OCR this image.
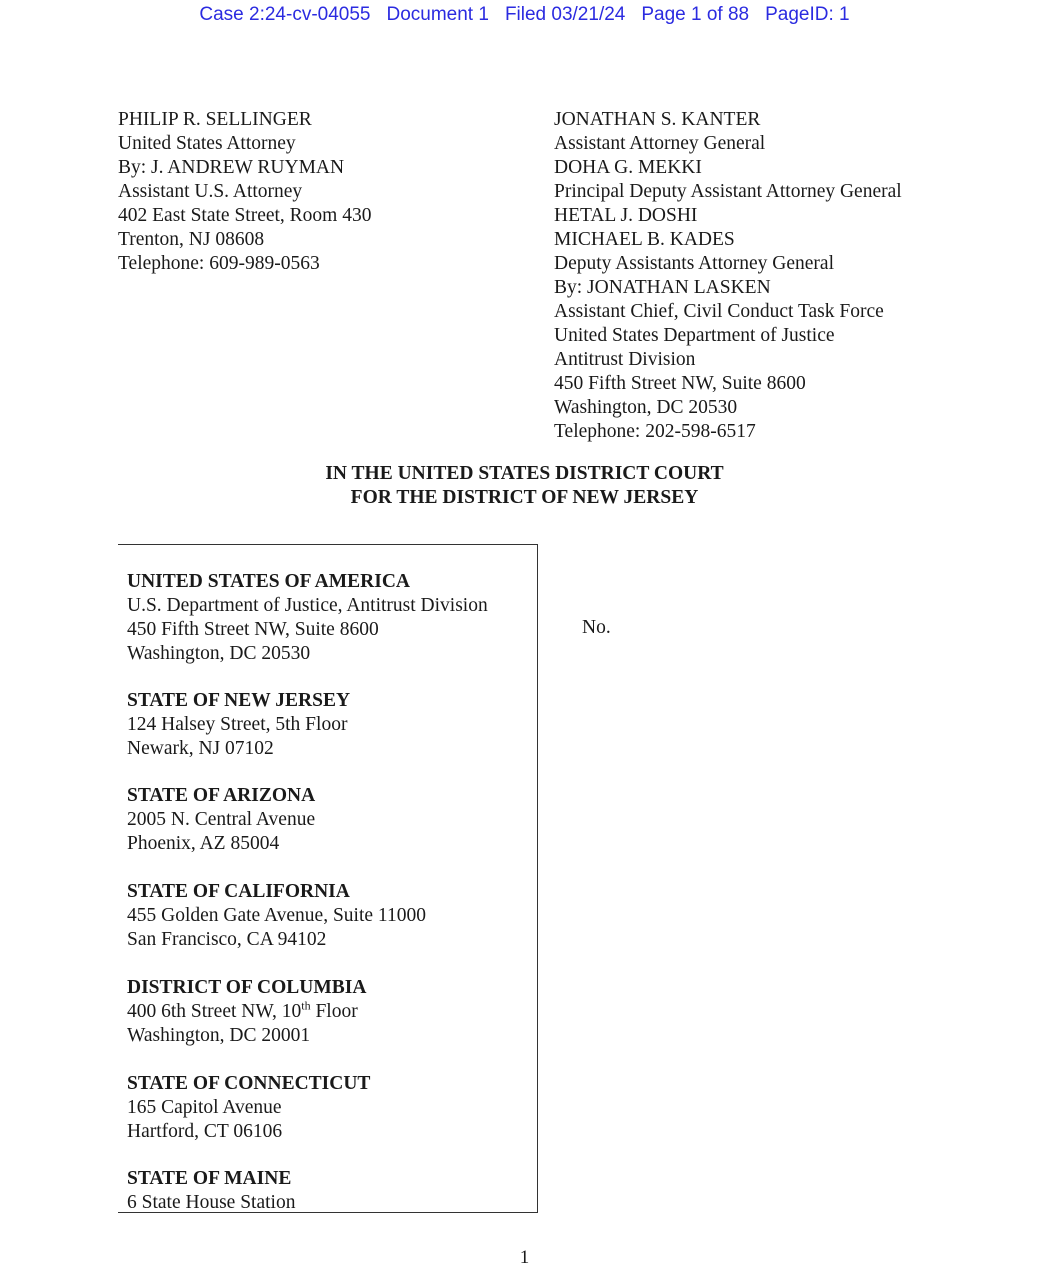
Case 2:24-cv-04055 Document 1 Filed 03/21/24 Page 1 of 88 PageID: 1
PHILIP R. SELLINGER
United States Attorney
By: J. ANDREW RUYMAN
Assistant U.S. Attorney
402 East State Street, Room 430
Trenton, NJ 08608
Telephone: 609-989-0563
JONATHAN S. KANTER
Assistant Attorney General
DOHA G. MEKKI
Principal Deputy Assistant Attorney General
HETAL J. DOSHI
MICHAEL B. KADES
Deputy Assistants Attorney General
By: JONATHAN LASKEN
Assistant Chief, Civil Conduct Task Force
United States Department of Justice
Antitrust Division
450 Fifth Street NW, Suite 8600
Washington, DC 20530
Telephone: 202-598-6517
IN THE UNITED STATES DISTRICT COURT
FOR THE DISTRICT OF NEW JERSEY
UNITED STATES OF AMERICA
U.S. Department of Justice, Antitrust Division
450 Fifth Street NW, Suite 8600
Washington, DC 20530
STATE OF NEW JERSEY
124 Halsey Street, 5th Floor
Newark, NJ 07102
STATE OF ARIZONA
2005 N. Central Avenue
Phoenix, AZ 85004
STATE OF CALIFORNIA
455 Golden Gate Avenue, Suite 11000
San Francisco, CA 94102
DISTRICT OF COLUMBIA
400 6th Street NW, 10th Floor
Washington, DC 20001
STATE OF CONNECTICUT
165 Capitol Avenue
Hartford, CT 06106
STATE OF MAINE
6 State House Station
No.
1
